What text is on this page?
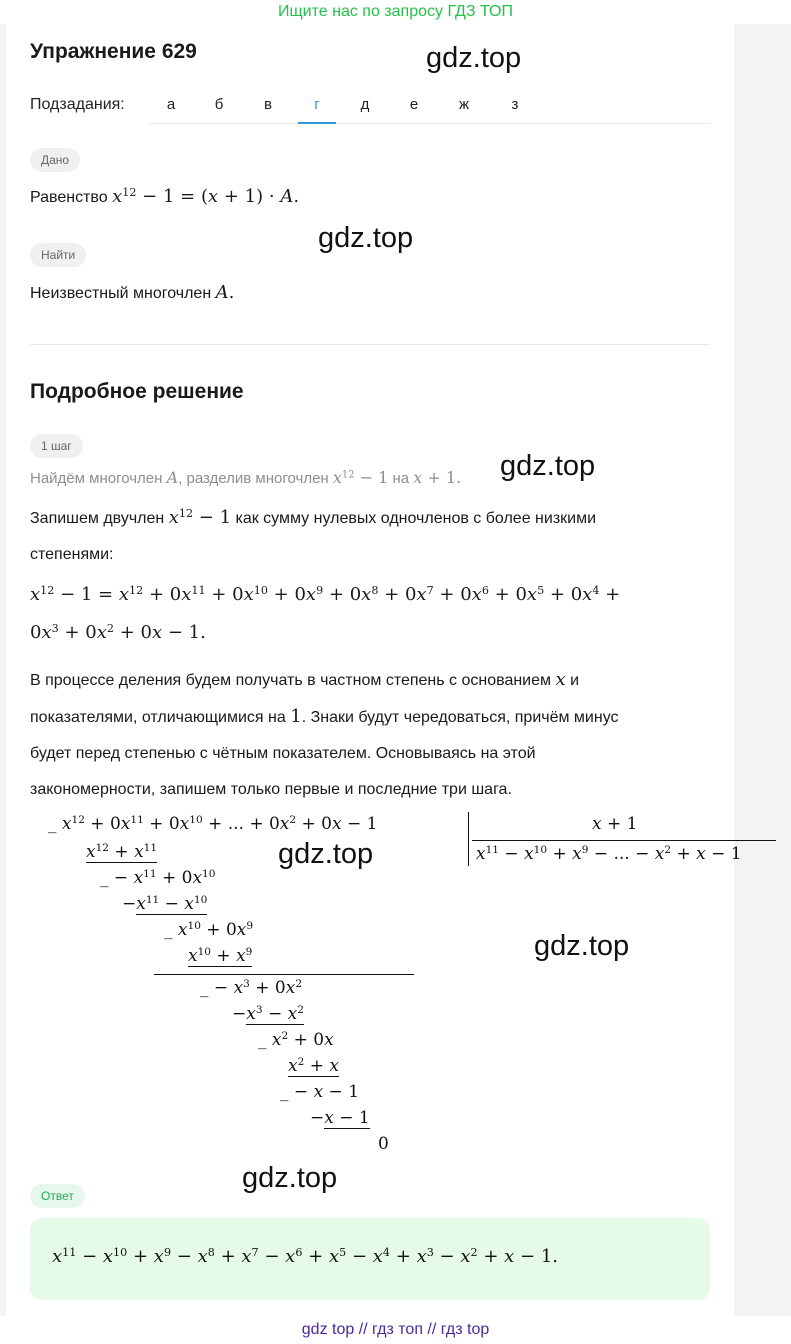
Ищите нас по запросу ГДЗ ТОП
Упражнение 629	gdz.top
Подзадания:	а	б	в	г	д	е	ж	з
Дано
Равенство $x^{12} - 1 = (x + 1) \cdot A$.
gdz.top
Найти
Неизвестный многочлен A.
Подробное решение
1 шаг
Найдём многочлен A, разделив многочлен $x^{12} - 1$ на x + 1. gdz.top
Запишем двучлен $x^{12} - 1$ как сумму нулевых одночленов с более низкими
степенями:
$x^{12} - 1 = x^{12} + 0x^{11} + 0x^{10} + 0x^9 + 0x^8 + 0x^7 + 0x^6 + 0x^5 + 0x^4$ +
$0x^3 + 0x^2 + 0x - 1$.
В процессе деления будем получать в частном степень с основанием x и
показателями, отличающимися на 1. Знаки будут чередоваться, причём минус
будет перед степенью с чётным показателем. Основываясь на этой
закономерности, запишем только первые и последние три шага.
_ $x^{12} + 0x^{11} + 0x^{10}$ + ... + $0x^2 + 0x - 1$	x + 1
$x^{11} - x^{10} + x^9$ − ... − $x^2 + x - 1$
$x^{12} + x^{11}$
_ − $x^{11} + 0x^{10}$
$-x^{11} - x^{10}$
_ $x^{10} + 0x^9$
$x^{10} + x^9$
_ − $x^3 + 0x^2$
$-x^3 - x^2$
_ $x^2 + 0x$
$x^2 + x$
_ − x − 1
−x − 1
0
gdz.top
gdz.top
gdz.top
Ответ
$x^{11} - x^{10} + x^9 - x^8 + x^7 - x^6 + x^5 - x^4 + x^3 - x^2 + x - 1$.
gdz top // гдз топ // гдз top
